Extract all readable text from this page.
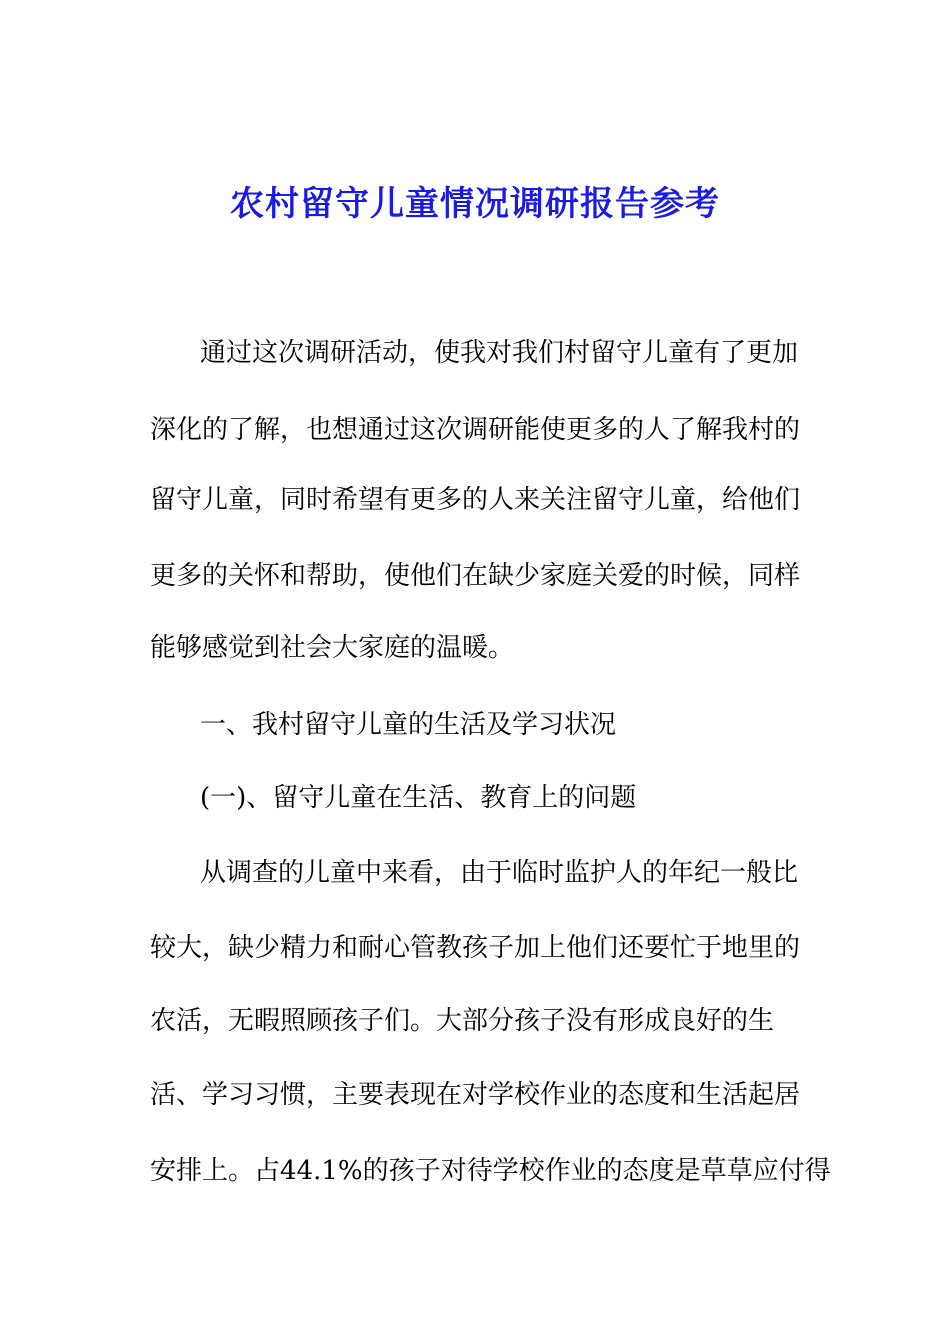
农村留守儿童情况调研报告参考
通过这次调研活动，使我对我们村留守儿童有了更加
深化的了解，也想通过这次调研能使更多的人了解我村的
留守儿童，同时希望有更多的人来关注留守儿童，给他们
更多的关怀和帮助，使他们在缺少家庭关爱的时候，同样
能够感觉到社会大家庭的温暖。
一、我村留守儿童的生活及学习状况
(一)、留守儿童在生活、教育上的问题
从调查的儿童中来看，由于临时监护人的年纪一般比
较大，缺少精力和耐心管教孩子加上他们还要忙于地里的
农活，无暇照顾孩子们。大部分孩子没有形成良好的生
活、学习习惯，主要表现在对学校作业的态度和生活起居
安排上。占44.1%的孩子对待学校作业的态度是草草应付得
